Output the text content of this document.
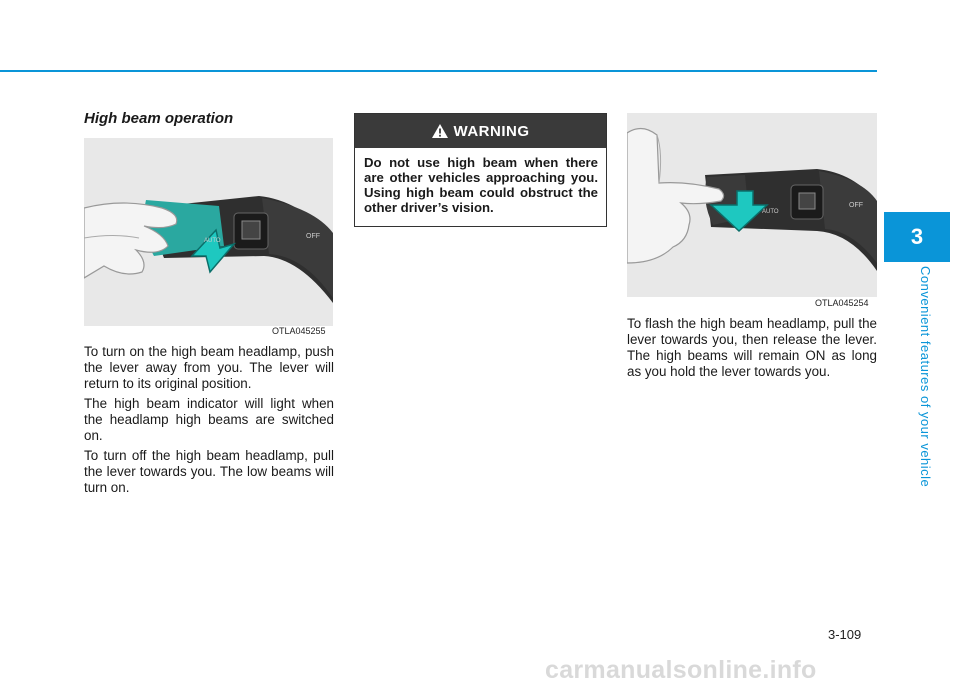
3
Convenient features of your vehicle
High beam operation
OFF
AUTO
OTLA045255

To turn on the high beam headlamp, push the lever away from you. The lever will return to its original position.

The high beam indicator will light when the headlamp high beams are switched on.

To turn off the high beam headlamp, pull the lever towards you. The low beams will turn on.

WARNING

Do not use high beam when there are other vehicles approaching you. Using high beam could obstruct the other driver’s vision.	AUTO
OFF
OTLA045254

To flash the high beam headlamp, pull the lever towards you, then release the lever. The high beams will remain ON as long as you hold the lever towards you.

3-109
carmanualsonline.info
